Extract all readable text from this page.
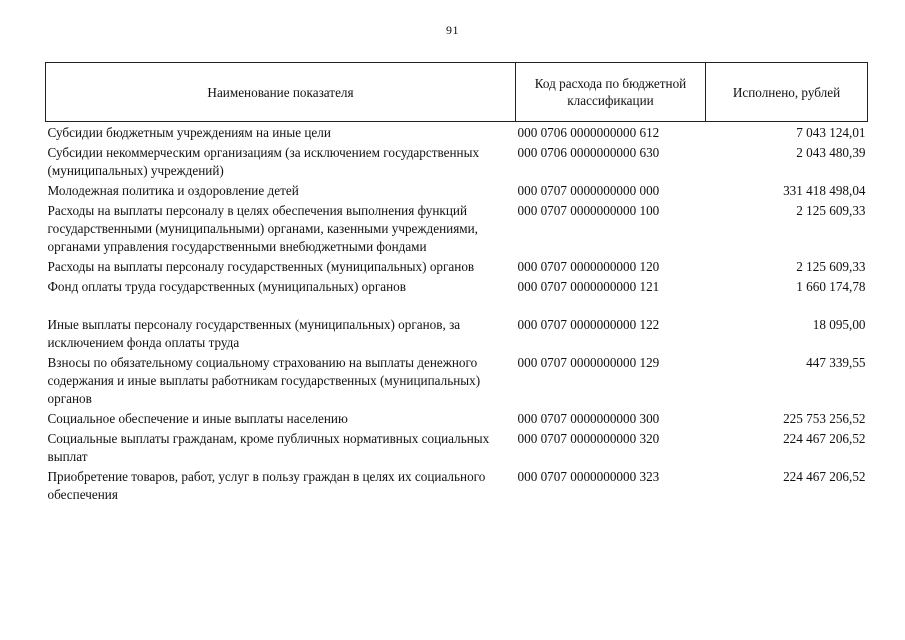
91
Наименование показателя	Код расхода по бюджетной классификации	Исполнено, рублей
Субсидии бюджетным учреждениям на иные цели	000 0706 0000000000 612	7 043 124,01
Субсидии некоммерческим организациям (за исключением государственных (муниципальных) учреждений)	000 0706 0000000000 630	2 043 480,39
Молодежная политика и оздоровление детей	000 0707 0000000000 000	331 418 498,04
Расходы на выплаты персоналу в целях обеспечения выполнения функций государственными (муниципальными) органами, казенными учреждениями, органами управления государственными внебюджетными фондами	000 0707 0000000000 100	2 125 609,33
Расходы на выплаты персоналу государственных (муниципальных) органов	000 0707 0000000000 120	2 125 609,33
Фонд оплаты труда государственных (муниципальных) органов	000 0707 0000000000 121	1 660 174,78
Иные выплаты персоналу государственных (муниципальных) органов, за исключением фонда оплаты труда	000 0707 0000000000 122	18 095,00
Взносы по обязательному социальному страхованию на выплаты денежного содержания и иные выплаты работникам государственных (муниципальных) органов	000 0707 0000000000 129	447 339,55
Социальное обеспечение и иные выплаты населению	000 0707 0000000000 300	225 753 256,52
Социальные выплаты гражданам, кроме публичных нормативных социальных выплат	000 0707 0000000000 320	224 467 206,52
Приобретение товаров, работ, услуг в пользу граждан в целях их социального обеспечения	000 0707 0000000000 323	224 467 206,52
